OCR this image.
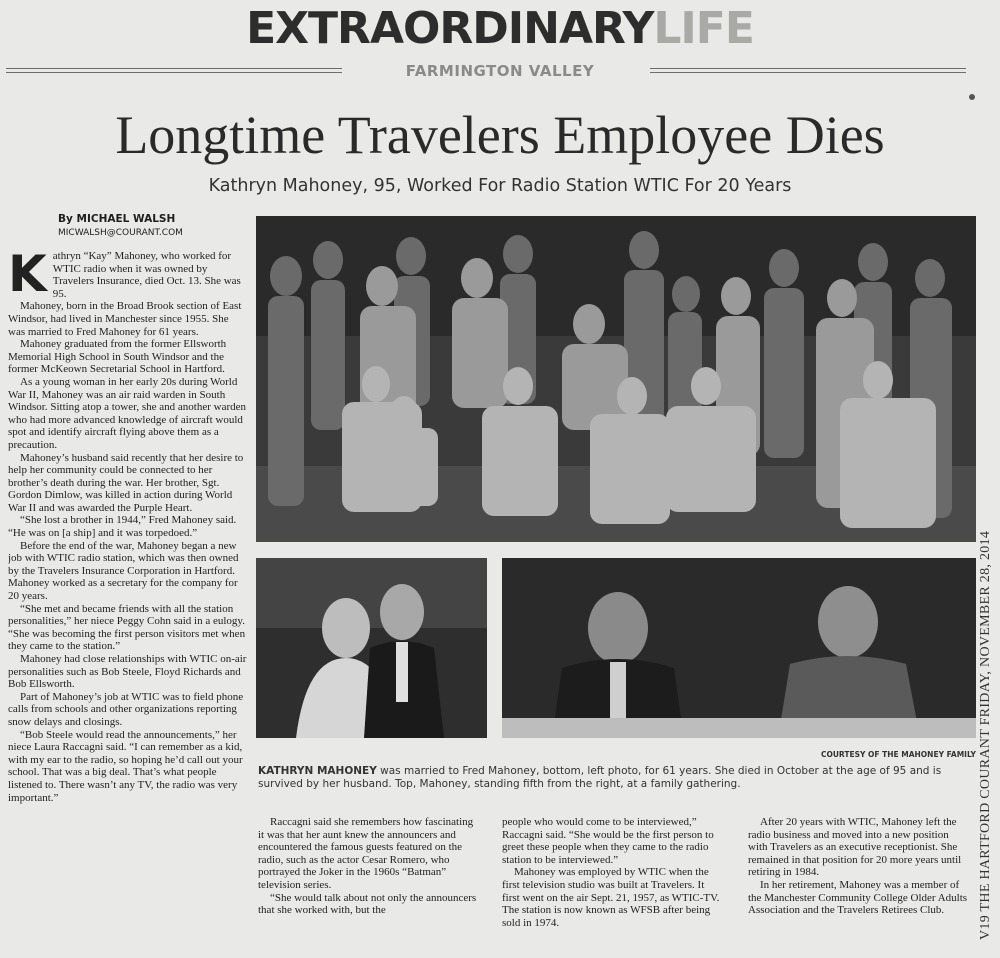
EXTRAORDINARYLIFE
FARMINGTON VALLEY
Longtime Travelers Employee Dies
Kathryn Mahoney, 95, Worked For Radio Station WTIC For 20 Years
By MICHAEL WALSH
MICWALSH@COURANT.COM
K athryn “Kay” Mahoney, who worked for WTIC radio when it was owned by Travelers Insurance, died Oct. 13. She was 95.

Mahoney, born in the Broad Brook section of East Windsor, had lived in Manchester since 1955. She was married to Fred Mahoney for 61 years.

Mahoney graduated from the former Ellsworth Memorial High School in South Windsor and the former McKeown Secretarial School in Hartford.

As a young woman in her early 20s during World War II, Mahoney was an air raid warden in South Windsor. Sitting atop a tower, she and another warden who had more advanced knowledge of aircraft would spot and identify aircraft flying above them as a precaution.

Mahoney’s husband said recently that her desire to help her community could be connected to her brother’s death during the war. Her brother, Sgt. Gordon Dimlow, was killed in action during World War II and was awarded the Purple Heart.

“She lost a brother in 1944,” Fred Mahoney said. “He was on [a ship] and it was torpedoed.”

Before the end of the war, Mahoney began a new job with WTIC radio station, which was then owned by the Travelers Insurance Corporation in Hartford. Mahoney worked as a secretary for the company for 20 years.

“She met and became friends with all the station personalities,” her niece Peggy Cohn said in a eulogy. “She was becoming the first person visitors met when they came to the station.”

Mahoney had close relationships with WTIC on-air personalities such as Bob Steele, Floyd Richards and Bob Ellsworth.

Part of Mahoney’s job at WTIC was to field phone calls from schools and other organizations reporting snow delays and closings.

“Bob Steele would read the announcements,” her niece Laura Raccagni said. “I can remember as a kid, with my ear to the radio, so hoping he’d call out your school. That was a big deal. That’s what people listened to. There wasn’t any TV, the radio was very important.”

COURTESY OF THE MAHONEY FAMILY
KATHRYN MAHONEY was married to Fred Mahoney, bottom, left photo, for 61 years. She died in October at the age of 95 and is survived by her husband. Top, Mahoney, standing fifth from the right, at a family gathering.

Raccagni said she remembers how fascinating it was that her aunt knew the announcers and encountered the famous guests featured on the radio, such as the actor Cesar Romero, who portrayed the Joker in the 1960s “Batman” television series.

“She would talk about not only the announcers that she worked with, but the

people who would come to be interviewed,” Raccagni said. “She would be the first person to greet these people when they came to the radio station to be interviewed.”

Mahoney was employed by WTIC when the first television studio was built at Travelers. It first went on the air Sept. 21, 1957, as WTIC-TV. The station is now known as WFSB after being sold in 1974.

After 20 years with WTIC, Mahoney left the radio business and moved into a new position with Travelers as an executive receptionist. She remained in that position for 20 more years until retiring in 1984.

In her retirement, Mahoney was a member of the Manchester Community College Older Adults Association and the Travelers Retirees Club.	V19 THE HARTFORD COURANT FRIDAY, NOVEMBER 28, 2014
